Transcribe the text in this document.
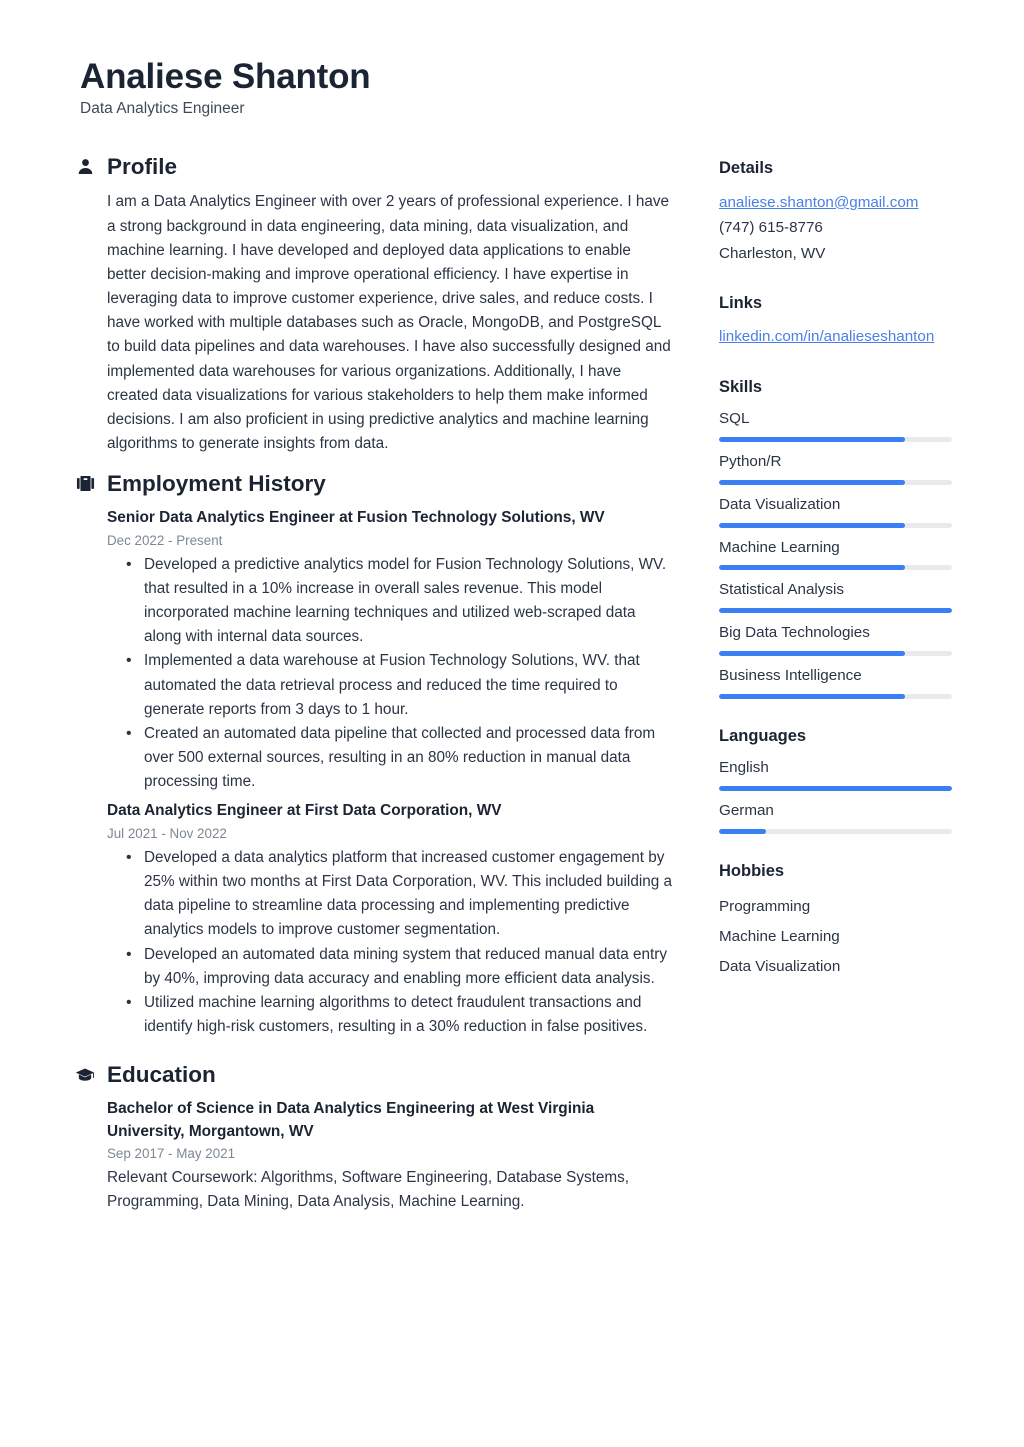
Analiese Shanton
Data Analytics Engineer
Profile

I am a Data Analytics Engineer with over 2 years of professional experience. I have a strong background in data engineering, data mining, data visualization, and machine learning. I have developed and deployed data applications to enable better decision-making and improve operational efficiency. I have expertise in leveraging data to improve customer experience, drive sales, and reduce costs. I have worked with multiple databases such as Oracle, MongoDB, and PostgreSQL to build data pipelines and data warehouses. I have also successfully designed and implemented data warehouses for various organizations. Additionally, I have created data visualizations for various stakeholders to help them make informed decisions. I am also proficient in using predictive analytics and machine learning algorithms to generate insights from data.

Employment History
Senior Data Analytics Engineer at Fusion Technology Solutions, WV
Dec 2022 - Present
• Developed a predictive analytics model for Fusion Technology Solutions, WV. that resulted in a 10% increase in overall sales revenue. This model incorporated machine learning techniques and utilized web-scraped data along with internal data sources.
• Implemented a data warehouse at Fusion Technology Solutions, WV. that automated the data retrieval process and reduced the time required to generate reports from 3 days to 1 hour.
• Created an automated data pipeline that collected and processed data from over 500 external sources, resulting in an 80% reduction in manual data processing time.
Data Analytics Engineer at First Data Corporation, WV
Jul 2021 - Nov 2022
• Developed a data analytics platform that increased customer engagement by 25% within two months at First Data Corporation, WV. This included building a data pipeline to streamline data processing and implementing predictive analytics models to improve customer segmentation.
• Developed an automated data mining system that reduced manual data entry by 40%, improving data accuracy and enabling more efficient data analysis.
• Utilized machine learning algorithms to detect fraudulent transactions and identify high-risk customers, resulting in a 30% reduction in false positives.
Education
Bachelor of Science in Data Analytics Engineering at West Virginia University, Morgantown, WV
Sep 2017 - May 2021
Relevant Coursework: Algorithms, Software Engineering, Database Systems, Programming, Data Mining, Data Analysis, Machine Learning.
Details
analiese.shanton@gmail.com
(747) 615-8776
Charleston, WV
Links
linkedin.com/in/analieseshanton
Skills
SQL
Python/R
Data Visualization
Machine Learning
Statistical Analysis
Big Data Technologies
Business Intelligence
Languages
English
German
Hobbies
Programming
Machine Learning
Data Visualization
